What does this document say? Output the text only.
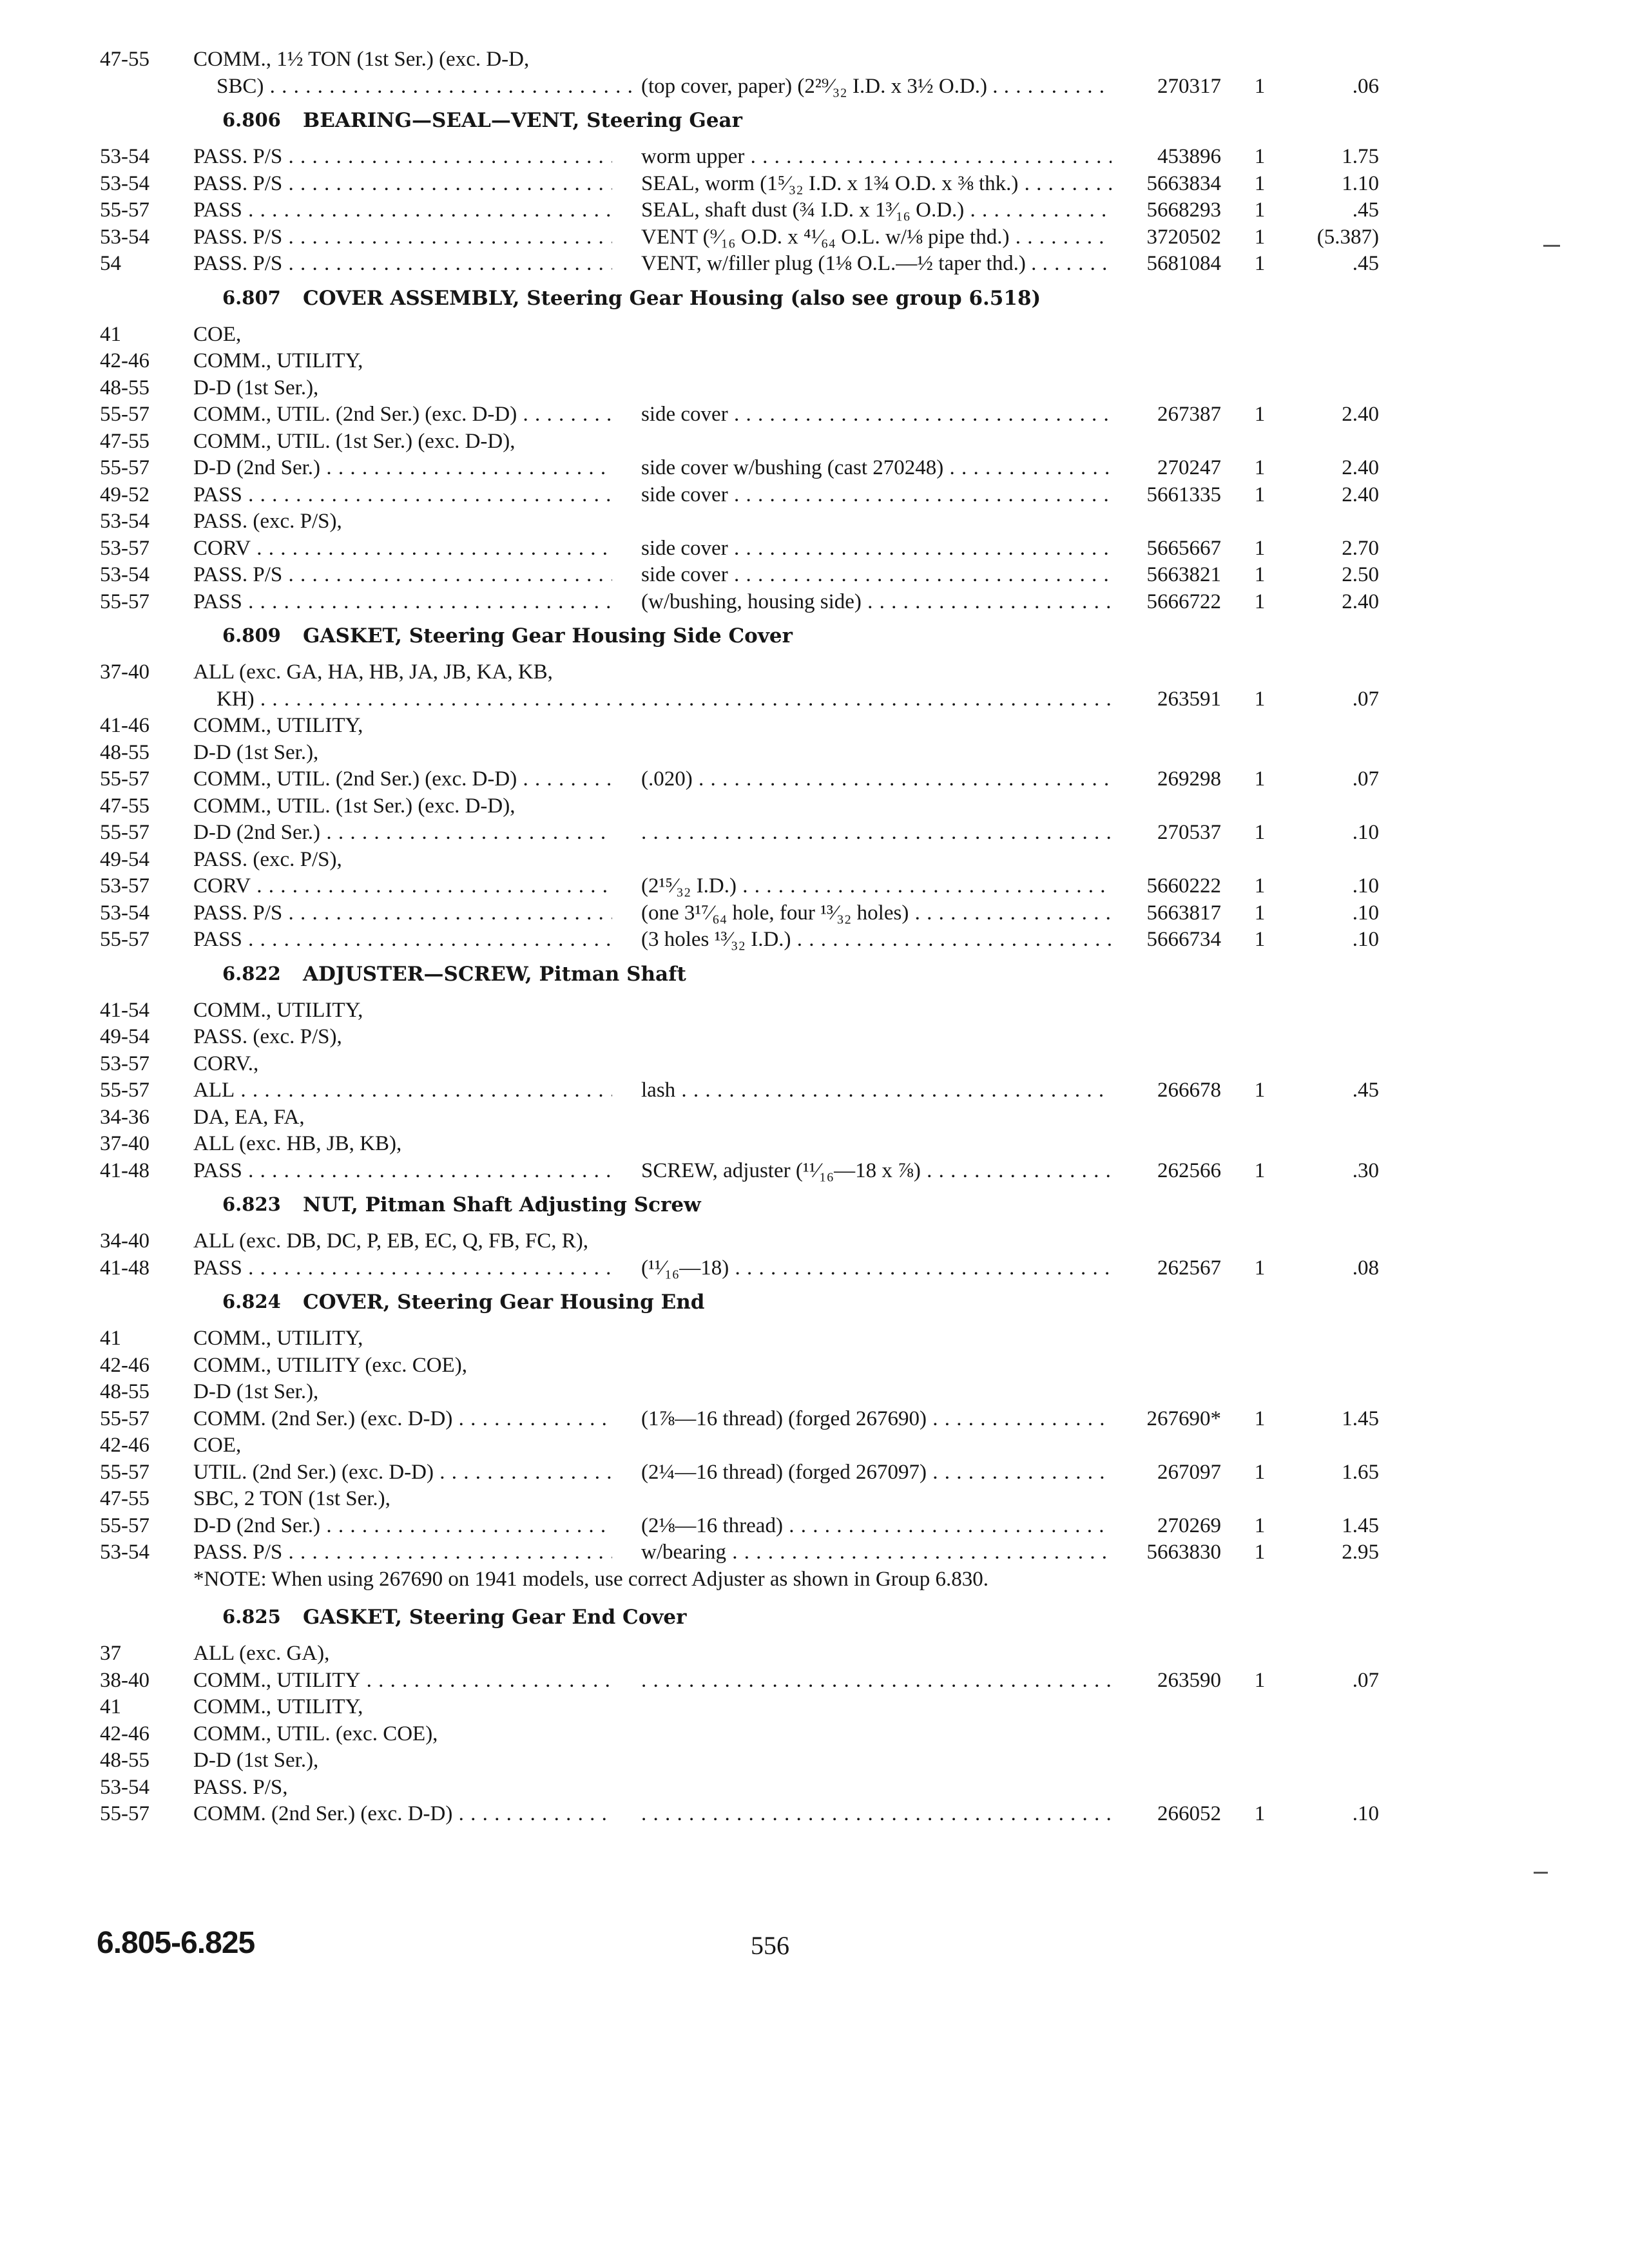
47-55	COMM., 1½ TON (1st Ser.) (exc. D-D,
SBC) . . .	(top cover, paper) (2²⁹⁄₃₂ I.D. x 3½ O.D.) . . . .	270317	1	.06
6.806 BEARING—SEAL—VENT, Steering Gear
53-54	PASS. P/S . . .	worm upper . . .	453896	1	1.75
53-54	PASS. P/S . . .	SEAL, worm (1⁵⁄₃₂ I.D. x 1¾ O.D. x ⅜ thk.) . . .	5663834	1	1.10
55-57	PASS . . .	SEAL, shaft dust (¾ I.D. x 1³⁄₁₆ O.D.) . . .	5668293	1	.45
53-54	PASS. P/S . . .	VENT (⁹⁄₁₆ O.D. x ⁴¹⁄₆₄ O.L. w/⅛ pipe thd.) . . .	3720502	1	(5.387)
54	PASS. P/S . . .	VENT, w/filler plug (1⅛ O.L.—½ taper thd.) . . . .	5681084	1	.45
6.807 COVER ASSEMBLY, Steering Gear Housing (also see group 6.518)
41	COE,
42-46	COMM., UTILITY,
48-55	D-D (1st Ser.),
55-57	COMM., UTIL. (2nd Ser.) (exc. D-D) . . .	side cover . . .	267387	1	2.40
47-55	COMM., UTIL. (1st Ser.) (exc. D-D),
55-57	D-D (2nd Ser.) . . .	side cover w/bushing (cast 270248) . . .	270247	1	2.40
49-52	PASS . . .	side cover . . .	5661335	1	2.40
53-54	PASS. (exc. P/S),
53-57	CORV . . .	side cover . . .	5665667	1	2.70
53-54	PASS. P/S . . .	side cover . . .	5663821	1	2.50
55-57	PASS . . .	(w/bushing, housing side) . . .	5666722	1	2.40
6.809 GASKET, Steering Gear Housing Side Cover
37-40	ALL (exc. GA, HA, HB, JA, JB, KA, KB,
KH) . . . . . .	263591	1	.07
41-46	COMM., UTILITY,
48-55	D-D (1st Ser.),
55-57	COMM., UTIL. (2nd Ser.) (exc. D-D) . . .	(.020) . . .	269298	1	.07
47-55	COMM., UTIL. (1st Ser.) (exc. D-D),
55-57	D-D (2nd Ser.) . . . . . .	270537	1	.10
49-54	PASS. (exc. P/S),
53-57	CORV . . .	(2¹⁵⁄₃₂ I.D.) . . .	5660222	1	.10
53-54	PASS. P/S . . .	(one 3¹⁷⁄₆₄ hole, four ¹³⁄₃₂ holes) . . .	5663817	1	.10
55-57	PASS . . .	(3 holes ¹³⁄₃₂ I.D.) . . .	5666734	1	.10
6.822 ADJUSTER—SCREW, Pitman Shaft
41-54	COMM., UTILITY,
49-54	PASS. (exc. P/S),
53-57	CORV.,
55-57	ALL . . .	lash . . .	266678	1	.45
34-36	DA, EA, FA,
37-40	ALL (exc. HB, JB, KB),
41-48	PASS . . .	SCREW, adjuster (¹¹⁄₁₆—18 x ⅞) . . .	262566	1	.30
6.823 NUT, Pitman Shaft Adjusting Screw
34-40	ALL (exc. DB, DC, P, EB, EC, Q, FB, FC, R),
41-48	PASS . . .	(¹¹⁄₁₆—18) . . .	262567	1	.08
6.824 COVER, Steering Gear Housing End
41	COMM., UTILITY,
42-46	COMM., UTILITY (exc. COE),
48-55	D-D (1st Ser.),
55-57	COMM. (2nd Ser.) (exc. D-D) . . .	(1⅞—16 thread) (forged 267690) . . .	267690*	1	1.45
42-46	COE,
55-57	UTIL. (2nd Ser.) (exc. D-D) . . .	(2¼—16 thread) (forged 267097) . . .	267097	1	1.65
47-55	SBC, 2 TON (1st Ser.),
55-57	D-D (2nd Ser.) . . .	(2⅛—16 thread) . . .	270269	1	1.45
53-54	PASS. P/S . . .	w/bearing . . .	5663830	1	2.95
*NOTE: When using 267690 on 1941 models, use correct Adjuster as shown in Group 6.830.
6.825 GASKET, Steering Gear End Cover
37	ALL (exc. GA),
38-40	COMM., UTILITY . . . . . .	263590	1	.07
41	COMM., UTILITY,
42-46	COMM., UTIL. (exc. COE),
48-55	D-D (1st Ser.),
53-54	PASS. P/S,
55-57	COMM. (2nd Ser.) (exc. D-D) . . . . . .	266052	1	.10
6.805-6.825	556
